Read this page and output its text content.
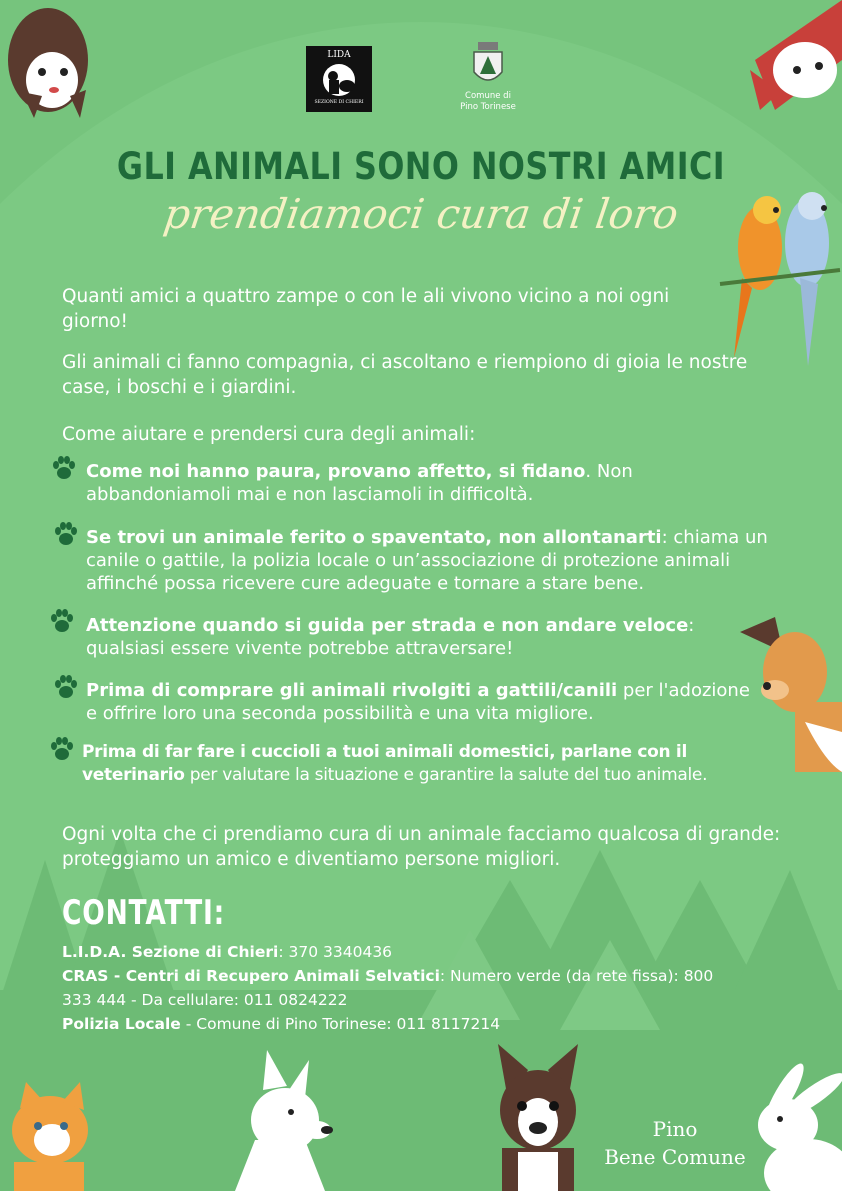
LIDA
SEZIONE DI CHIERI
Comune di
Pino Torinese
GLI ANIMALI SONO NOSTRI AMICI
prendiamoci cura di loro
Quanti amici a quattro zampe o con le ali vivono vicino a noi ogni giorno!
Gli animali ci fanno compagnia, ci ascoltano e riempiono di gioia le nostre case, i boschi e i giardini.
Come aiutare e prendersi cura degli animali:
Come noi hanno paura, provano affetto, si fidano. Non abbandoniamoli mai e non lasciamoli in difficoltà.
Se trovi un animale ferito o spaventato, non allontanarti: chiama un canile o gattile, la polizia locale o un’associazione di protezione animali affinché possa ricevere cure adeguate e tornare a stare bene.
Attenzione quando si guida per strada e non andare veloce: qualsiasi essere vivente potrebbe attraversare!
Prima di comprare gli animali rivolgiti a gattili/canili per l'adozione e offrire loro una seconda possibilità e una vita migliore.
Prima di far fare i cuccioli a tuoi animali domestici, parlane con il veterinario per valutare la situazione e garantire la salute del tuo animale.
Ogni volta che ci prendiamo cura di un animale facciamo qualcosa di grande: proteggiamo un amico e diventiamo persone migliori.
CONTATTI:
L.I.D.A. Sezione di Chieri: 370 3340436
CRAS - Centri di Recupero Animali Selvatici: Numero verde (da rete fissa): 800
333 444 - Da cellulare: 011 0824222
Polizia Locale - Comune di Pino Torinese: 011 8117214
Pino
Bene Comune
